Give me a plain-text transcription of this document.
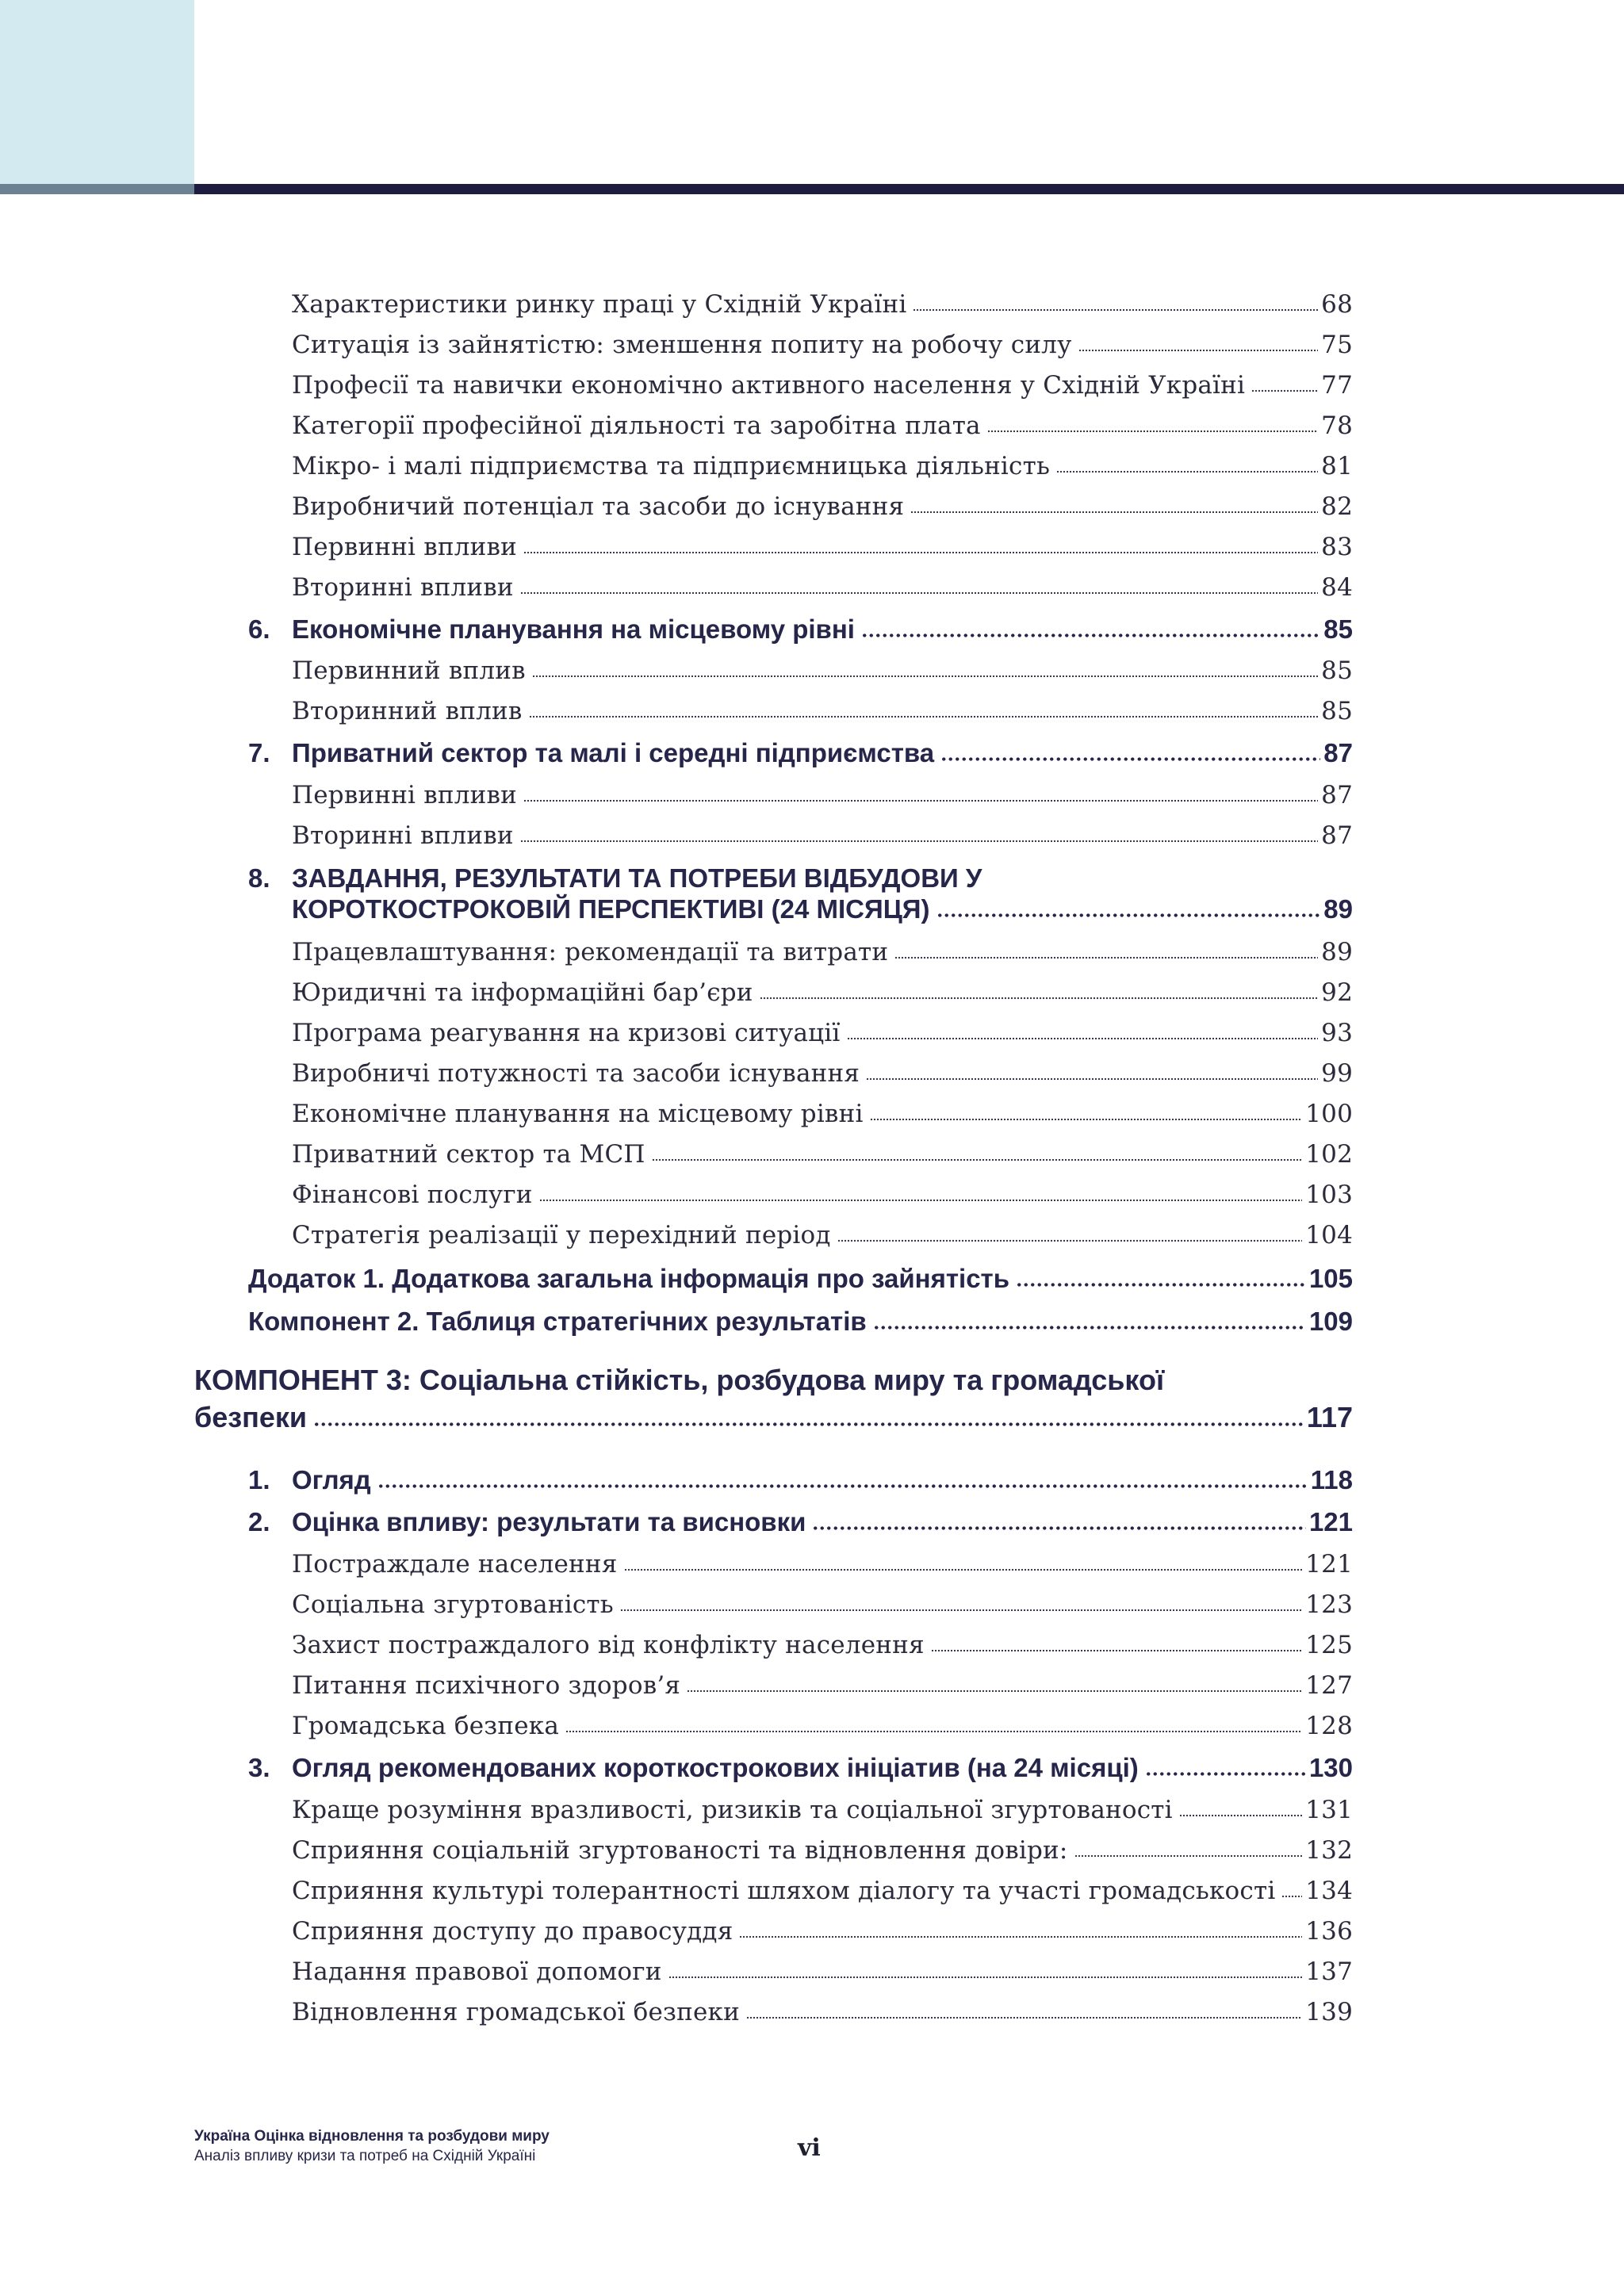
Характеристики ринку праці у Східній Україні	68
Ситуація із зайнятістю: зменшення попиту на робочу силу	75
Професії та навички економічно активного населення у Східній Україні	77
Категорії професійної діяльності та заробітна плата	78
Мікро- і малі підприємства та підприємницька діяльність	81
Виробничий потенціал та засоби до існування	82
Первинні впливи	83
Вторинні впливи	84
6. Економічне планування на місцевому рівні	85
Первинний вплив	85
Вторинний вплив	85
7. Приватний сектор та малі і середні підприємства	87
Первинні впливи	87
Вторинні впливи	87
8. ЗАВДАННЯ, РЕЗУЛЬТАТИ ТА ПОТРЕБИ ВІДБУДОВИ У
КОРОТКОСТРОКОВІЙ ПЕРСПЕКТИВІ (24 МІСЯЦЯ)	89
Працевлаштування: рекомендації та витрати	89
Юридичні та інформаційні бар’єри	92
Програма реагування на кризові ситуації	93
Виробничі потужності та засоби існування	99
Економічне планування на місцевому рівні	100
Приватний сектор та МСП	102
Фінансові послуги	103
Стратегія реалізації у перехідний період	104
Додаток 1. Додаткова загальна інформація про зайнятість	105
Компонент 2. Таблиця стратегічних результатів	109
КОМПОНЕНТ 3: Соціальна стійкість, розбудова миру та громадської
безпеки	117
1. Огляд	118
2. Оцінка впливу: результати та висновки	121
Постраждале населення	121
Соціальна згуртованість	123
Захист постраждалого від конфлікту населення	125
Питання психічного здоров’я	127
Громадська безпека	128
3. Огляд рекомендованих короткострокових ініціатив (на 24 місяці)	130
Краще розуміння вразливості, ризиків та соціальної згуртованості	131
Сприяння соціальній згуртованості та відновлення довіри:	132
Сприяння культурі толерантності шляхом діалогу та участі громадськості 134
Сприяння доступу до правосуддя	136
Надання правової допомоги	137
Відновлення громадської безпеки	139
Україна Оцінка відновлення та розбудови миру
Аналіз впливу кризи та потреб на Східній Україні	vi
